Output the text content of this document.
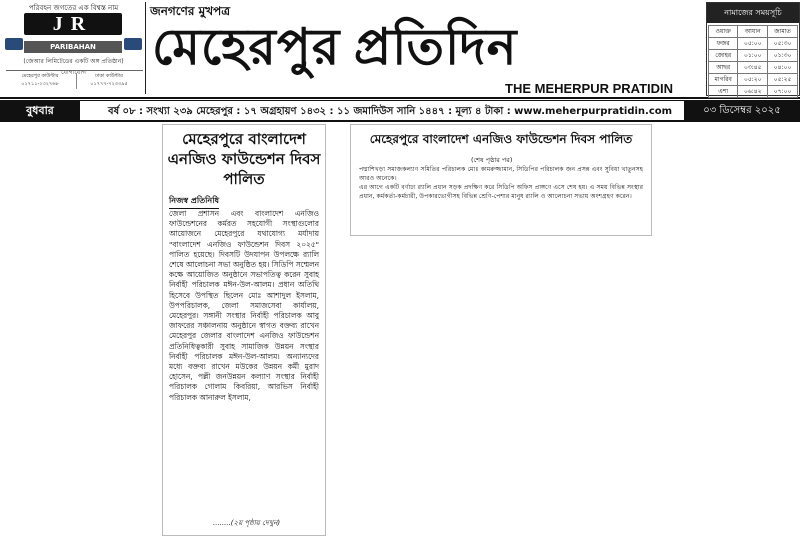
পরিবহন জগতের এক বিশ্বস্ত নাম
JR
PARIBAHAN
(জেআর লিমিটেডের একটি অঙ্গ প্রতিষ্ঠান)
যোগাযোগ
মেহেরপুর কাউন্টার
০১৭১১-২৩২৭৬৮
ঢাকা কাউন্টার
০১৭৭৭-৭২৩৩৯৫
জনগণের মুখপত্র
মেহেরপুর প্রতিদিন
THE MEHERPUR PRATIDIN
নামাজের সময়সূচি
ওয়াক্ত	আযান	জামাত
ফজর	০৫:০০	০৫:৩০
জোহর	০১:০০	০১:৩০
আছর	০৩:৪৫	০৪:০০
মাগরিব	০৫:২০	০৫:২৫
এশা	০৬:৪২	০৭:০০
বুধবার	বর্ষ ০৮ : সংখ্যা ২৩৯ মেহেরপুর : ১৭ অগ্রহায়ণ ১৪৩২ : ১১ জমাদিউস সানি ১৪৪৭ : মূল্য ৪ টাকা : www.meherpurpratidin.com	০৩ ডিসেম্বর ২০২৫
মেহেরপুরে বাংলাদেশ এনজিও ফাউন্ডেশন দিবস পালিত
নিজস্ব প্রতিনিধি

জেলা প্রশাসন এবং বাংলাদেশ এনজিও ফাউন্ডেশনের কর্মরত সহযোগী সংস্থাগুলোর আয়োজনে মেহেরপুরে যথাযোগ্য মর্যাদায় "বাংলাদেশ এনজিও ফাউন্ডেশন দিবস ২০২৫" পালিত হয়েছে। দিবসটি উদযাপন উপলক্ষে র‍্যালি শেষে আলোচনা সভা অনুষ্ঠিত হয়। সিডিপি সম্মেলন কক্ষে আয়োজিত অনুষ্ঠানে সভাপতিত্ব করেন সুবাহ নির্বাহী পরিচালক মঈন-উল-আলম। প্রধান অতিথি হিসেবে উপস্থিত ছিলেন মোঃ আশাদুল ইসলাম, উপপরিচালক, জেলা সমাজসেবা কার্যালয়, মেহেরপুর। সঙ্গানী সংস্থার নির্বাহী পরিচালক আবু জাফরের সঞ্চালনায় অনুষ্ঠানে স্বাগত বক্তব্য রাখেন মেহেরপুর জেলার বাংলাদেশ এনজিও ফাউন্ডেশন প্রতিনিধিত্বকারী সুবাহ সামাজিক উন্নয়ন সংস্থার নির্বাহী পরিচালক মঈন-উল-আলম। অন্যান্যদের মধ্যে বক্তব্য রাখেন মউকের উন্নয়ন কর্মী মুরাদ হোসেন, পল্লী জনউন্নয়ন কল্যাণ সংস্থার নির্বাহী পরিচালক গোলাম কিবরিয়া, আরভিস নির্বাহী পরিচালক আনারুল ইসলাম,

........(২য় পৃষ্ঠায় দেখুন)
মেহেরপুরে বাংলাদেশ এনজিও ফাউন্ডেশন দিবস পালিত
(শেষ পৃষ্ঠার পর)

পদ্মাশিখড়া সমাজকল্যাণ সমিতির পরিচালক মোঃ কামরুজ্জামান, সিডিপির পরিচালক জন প্রসন্ন এবং সুবিধা খাতুনসহ আরও অনেকে।

এর আগে একটি বর্ণাঢ্য র‍্যালি প্রধান সড়ক প্রদক্ষিণ করে সিডিপি অফিস প্রাঙ্গণে এসে শেষ হয়। এ সময় বিভিন্ন সংস্থার প্রধান, কর্মকর্তা-কর্মচারী, উপকারভোগীসহ বিভিন্ন শ্রেণি-পেশার মানুষ র‍্যালি ও আলোচনা সভায় অংশগ্রহণ করেন।
